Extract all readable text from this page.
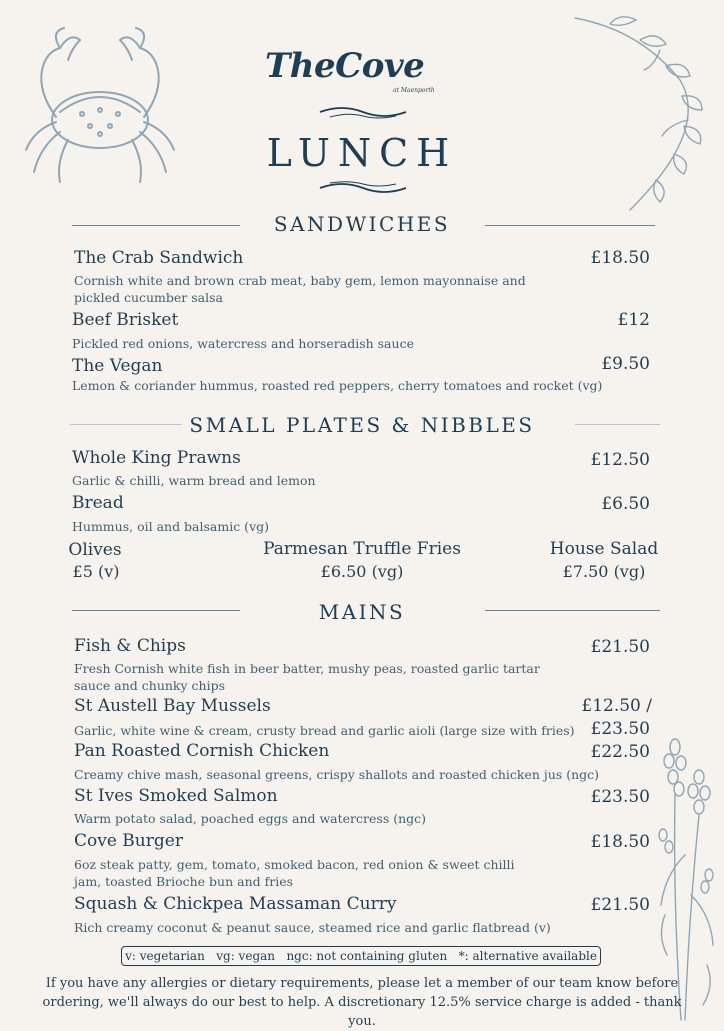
TheCove
at Maenporth
LUNCH
SANDWICHES
The Crab Sandwich	£18.50
Cornish white and brown crab meat, baby gem, lemon mayonnaise and pickled cucumber salsa
Beef Brisket	£12
Pickled red onions, watercress and horseradish sauce
The Vegan	£9.50
Lemon & coriander hummus, roasted red peppers, cherry tomatoes and rocket (vg)
SMALL PLATES & NIBBLES
Whole King Prawns	£12.50
Garlic & chilli, warm bread and lemon
Bread	£6.50
Hummus, oil and balsamic (vg)
Olives
£5 (v)
Parmesan Truffle Fries
£6.50 (vg)
House Salad
£7.50 (vg)
MAINS
Fish & Chips	£21.50
Fresh Cornish white fish in beer batter, mushy peas, roasted garlic tartar sauce and chunky chips
St Austell Bay Mussels	£12.50 /
£23.50
Garlic, white wine & cream, crusty bread and garlic aioli (large size with fries)
Pan Roasted Cornish Chicken	£22.50
Creamy chive mash, seasonal greens, crispy shallots and roasted chicken jus (ngc)
St Ives Smoked Salmon	£23.50
Warm potato salad, poached eggs and watercress (ngc)
Cove Burger	£18.50
6oz steak patty, gem, tomato, smoked bacon, red onion & sweet chilli jam, toasted Brioche bun and fries
Squash & Chickpea Massaman Curry	£21.50
Rich creamy coconut & peanut sauce, steamed rice and garlic flatbread (v)
v: vegetarian   vg: vegan   ngc: not containing gluten   *: alternative available
If you have any allergies or dietary requirements, please let a member of our team know before ordering, we'll always do our best to help. A discretionary 12.5% service charge is added - thank you.
